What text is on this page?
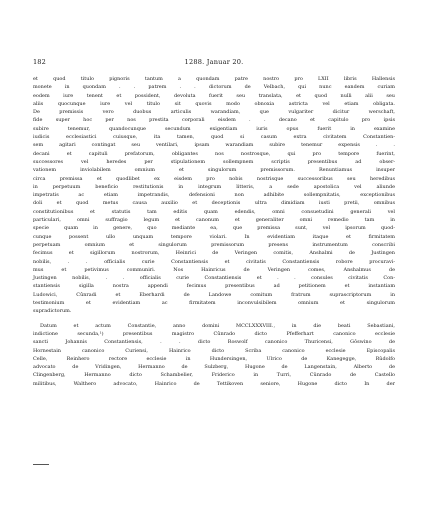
182	1288. Januar 20.

et quod titulo pignoris tantum a quondam patre nostro pro LXII libris Hallensis

monete in quondam . . patrem . . dictorum de Velbach, qui nunc eandem curiam

eodem iure tenent et possident, devoluta fuerit seu translata, et quod nulli alii seu

aliis quocunque iure vel titulo sit quovis modo obnoxia astricta vel etiam obligata.

De premissis vero duobus articulis warandiam, que vulgariter dicitur werschaft,

fide super hoc per nos prestita corporali eisdem . . decano et capitulo pro ipsis

subire tenemur, quandocunque secundum exigentiam iuris opus fuerit in examine

iudicis ecclesiastici cuiusque, ita tamen, quod si casum extra civitatem Constantien-

sem agitari contingat seu ventilari, ipsam warandiam subire tenemur expensis . .

decani et capituli prefatorum, obligantes nos nostrosque, qui pro tempore fuerint,

successores vel heredes per stipulationem sollempnem scriptis presentibus ad obser-

vationem inviolabilem omnium et singulorum premissorum. Renuntiamus insuper

circa premissa et quodlibet ex eisdem pro nobis nostrisque successoribus seu heredibus

in perpetuum beneficio restitutionis in integrum litteris, a sede apostolica vel aliunde

impetratis ac etiam impetrandis, defensioni non adhibite sollempnitatis, exceptionibus

doli et quod metus causa auxilio et deceptionis ultra dimidiam iusti pretii, omnibus

constitutionibus et statutis tam editis quam edendis, omni consuetudini generali vel

particulari, omni suffragio legum et canonum et generaliter omni remedio tam in

specie quam in genere, quo mediante ea, que premissa sunt, vel ipsorum quod-

cunque possent ullo unquam tempore violari. In evidentiam itaque et firmitatem

perpetuam omnium et singulorum premissorum presens instrumentum conscribi

fecimus et sigillorum nostrorum, Heinrici de Veringen comitis, Anshalmi de Justingen

nobilis, . . officialis curie Constantiensis et civitatis Constantiensis robore procuravi-

mus et petivimus communiri. Nos Hainricus de Veringen comes, Anshalmus de

Justingen nobilis, . . officialis curie Constantiensis et . . consules civitatis Con-

stantiensis sigilla nostra appendi fecimus presentibus ad petitionem et instantiam

Ludowici, Cůnradi et Eberhardi de Landowe comitum fratrum suprascriptorum in

testimonium et evidentiam ac firmitatem inconvulsibilem omnium et singulorum

supradictorum.

Datum et actum Constantie, anno domini MCCLXXXVIII., in die beati Sebastiani,

indictione secunda,¹) presentibus magistro Cůnrado dicto Pfefferhart canonico ecclesie

sancti Johannis Constantiensis, . . dicto Roswolf canonico Thuricensi, Gôswino de

Hornestain canonico Curiensi, Hainrico dicto Scriba canonico ecclesie Episcopalis

Celle, Reinhero rectore ecclesie in Hundersingen, Ulrico de Kanegegge, Rûdolfo

advocato de Vridingen, Hermanno de Sulzberg, Hugone de Langenstain, Alberto de

Clingenberg, Hermanno dicto Schambelier, Friderico in Turri, Cûnrado de Castello

militibus, Walthero advocato, Hainrico de Tettikoven seniore, Hugone dicto In der
